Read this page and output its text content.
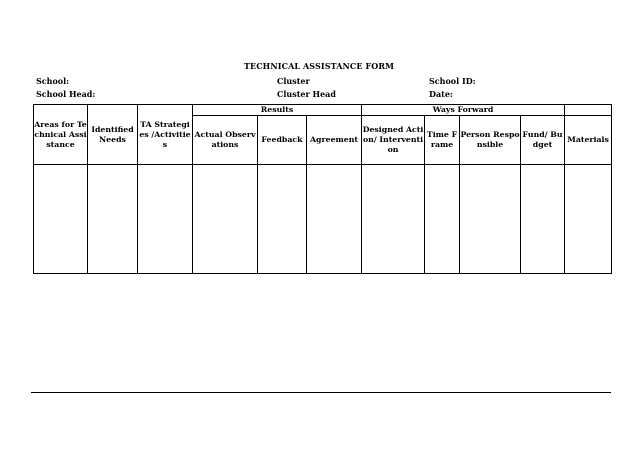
TECHNICAL ASSISTANCE FORM
School:	Cluster	School ID:
School Head:	Cluster Head	Date:
Areas for Technical Assistance	Identified Needs	TA Strategies /Activities	Results			Ways Forward				
			Actual Observations	Feedback	Agreement	Designed Action/ Intervention	Time Frame	Person Responsible	Fund/ Budget	Materials
